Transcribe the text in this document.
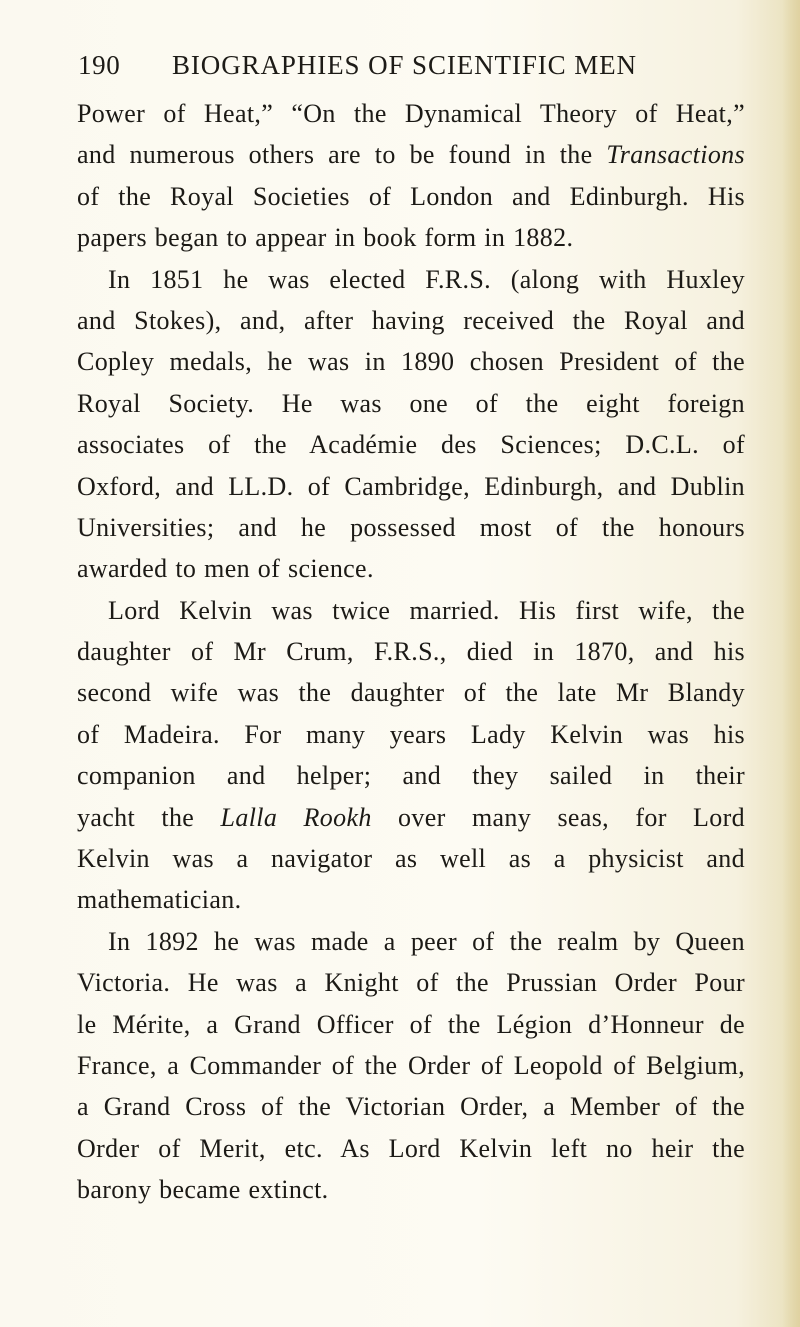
190 BIOGRAPHIES OF SCIENTIFIC MEN
Power of Heat,” “On the Dynamical Theory of Heat,”
and numerous others are to be found in the Transactions
of the Royal Societies of London and Edinburgh. His
papers began to appear in book form in 1882.
In 1851 he was elected F.R.S. (along with Huxley
and Stokes), and, after having received the Royal and
Copley medals, he was in 1890 chosen President of the
Royal Society. He was one of the eight foreign
associates of the Académie des Sciences; D.C.L. of
Oxford, and LL.D. of Cambridge, Edinburgh, and Dublin
Universities; and he possessed most of the honours
awarded to men of science.
Lord Kelvin was twice married. His first wife, the
daughter of Mr Crum, F.R.S., died in 1870, and his
second wife was the daughter of the late Mr Blandy
of Madeira. For many years Lady Kelvin was his
companion and helper; and they sailed in their
yacht the Lalla Rookh over many seas, for Lord
Kelvin was a navigator as well as a physicist and
mathematician.
In 1892 he was made a peer of the realm by Queen
Victoria. He was a Knight of the Prussian Order Pour
le Mérite, a Grand Officer of the Légion d’Honneur de
France, a Commander of the Order of Leopold of Belgium,
a Grand Cross of the Victorian Order, a Member of the
Order of Merit, etc. As Lord Kelvin left no heir the
barony became extinct.
